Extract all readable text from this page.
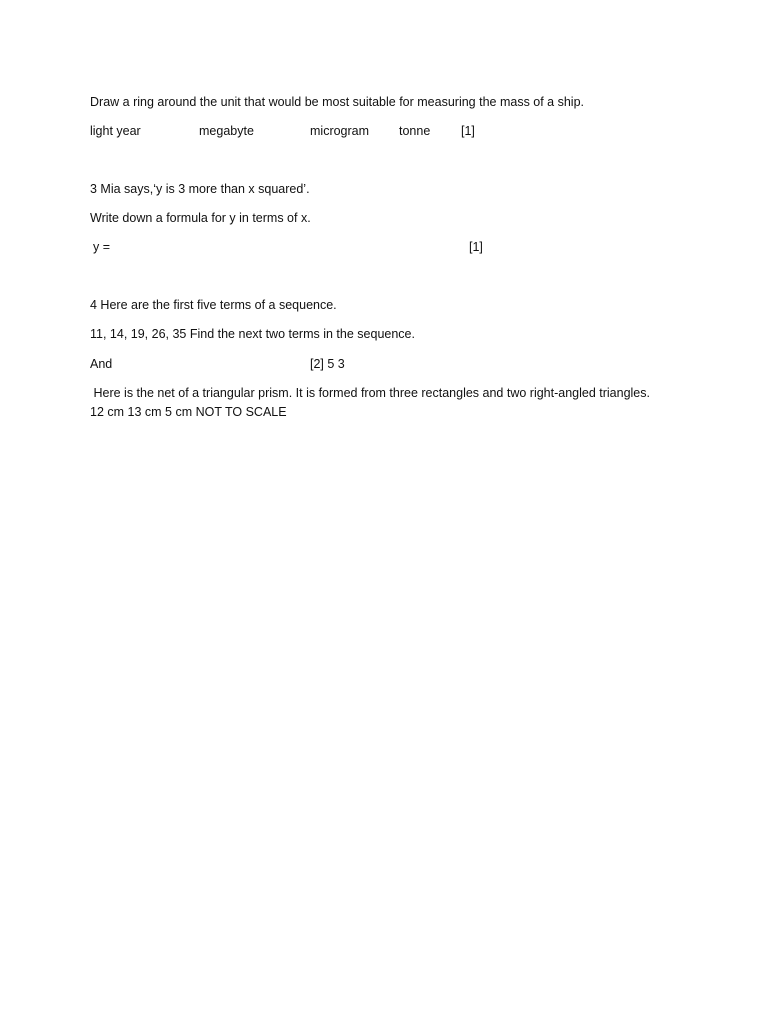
Draw a ring around the unit that would be most suitable for measuring the mass of a ship.
light year	megabyte	microgram tonne [1]
3 Mia says,‘y is 3 more than x squared’.
Write down a formula for y in terms of x.
y =	[1]
4 Here are the first five terms of a sequence.
11, 14, 19, 26, 35 Find the next two terms in the sequence.
And	[2] 5 3
Here is the net of a triangular prism. It is formed from three rectangles and two right-angled triangles.
12 cm 13 cm 5 cm NOT TO SCALE
